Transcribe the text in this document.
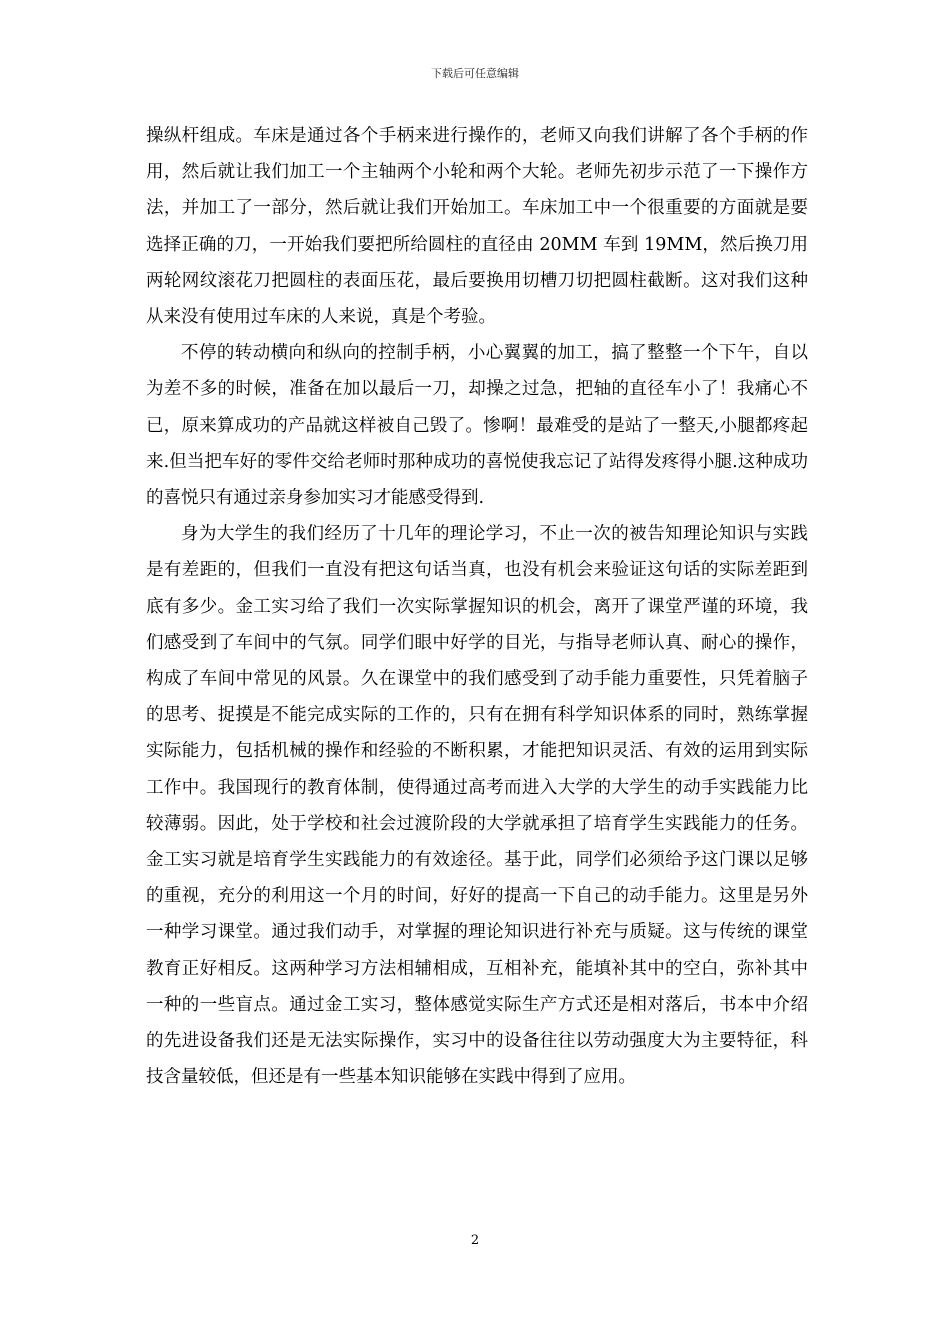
下载后可任意编辑

操纵杆组成。车床是通过各个手柄来进行操作的，老师又向我们讲解了各个手柄的作用，然后就让我们加工一个主轴两个小轮和两个大轮。老师先初步示范了一下操作方法，并加工了一部分，然后就让我们开始加工。车床加工中一个很重要的方面就是要选择正确的刀，一开始我们要把所给圆柱的直径由 20MM 车到 19MM，然后换刀用两轮网纹滚花刀把圆柱的表面压花，最后要换用切槽刀切把圆柱截断。这对我们这种从来没有使用过车床的人来说，真是个考验。

不停的转动横向和纵向的控制手柄，小心翼翼的加工，搞了整整一个下午，自以为差不多的时候，准备在加以最后一刀，却操之过急，把轴的直径车小了！我痛心不已，原来算成功的产品就这样被自己毁了。惨啊！最难受的是站了一整天,小腿都疼起来.但当把车好的零件交给老师时那种成功的喜悦使我忘记了站得发疼得小腿.这种成功的喜悦只有通过亲身参加实习才能感受得到.

身为大学生的我们经历了十几年的理论学习，不止一次的被告知理论知识与实践是有差距的，但我们一直没有把这句话当真，也没有机会来验证这句话的实际差距到底有多少。金工实习给了我们一次实际掌握知识的机会，离开了课堂严谨的环境，我们感受到了车间中的气氛。同学们眼中好学的目光，与指导老师认真、耐心的操作，构成了车间中常见的风景。久在课堂中的我们感受到了动手能力重要性，只凭着脑子的思考、捉摸是不能完成实际的工作的，只有在拥有科学知识体系的同时，熟练掌握实际能力，包括机械的操作和经验的不断积累，才能把知识灵活、有效的运用到实际工作中。我国现行的教育体制，使得通过高考而进入大学的大学生的动手实践能力比较薄弱。因此，处于学校和社会过渡阶段的大学就承担了培育学生实践能力的任务。金工实习就是培育学生实践能力的有效途径。基于此，同学们必须给予这门课以足够的重视，充分的利用这一个月的时间，好好的提高一下自己的动手能力。这里是另外一种学习课堂。通过我们动手，对掌握的理论知识进行补充与质疑。这与传统的课堂教育正好相反。这两种学习方法相辅相成，互相补充，能填补其中的空白，弥补其中一种的一些盲点。通过金工实习，整体感觉实际生产方式还是相对落后，书本中介绍的先进设备我们还是无法实际操作，实习中的设备往往以劳动强度大为主要特征，科技含量较低，但还是有一些基本知识能够在实践中得到了应用。

2
